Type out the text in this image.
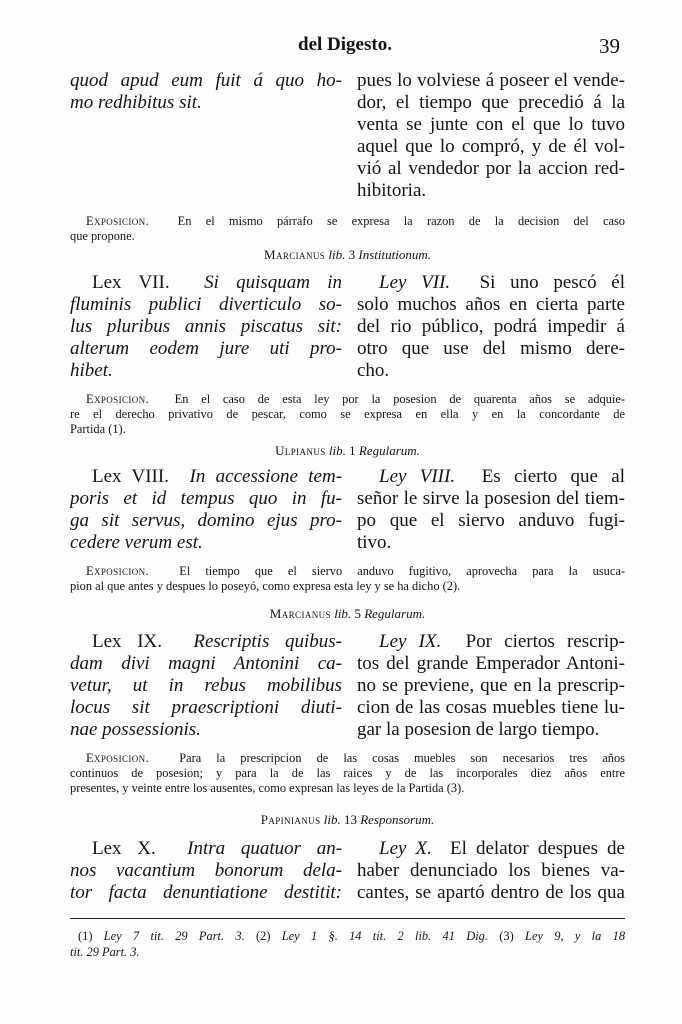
del Digesto.	39
quod apud eum fuit á quo ho-
mo redhibitus sit.
pues lo volviese á poseer el vende-
dor, el tiempo que precedió á la
venta se junte con el que lo tuvo
aquel que lo compró, y de él vol-
vió al vendedor por la accion red-
hibitoria.
Exposicion. En el mismo párrafo se expresa la razon de la decision del caso
que propone.
Marcianus lib. 3 Institutionum.
Lex VII. Si quisquam in
fluminis publici diverticulo so-
lus pluribus annis piscatus sit:
alterum eodem jure uti pro-
hibet.
Ley VII. Si uno pescó él
solo muchos años en cierta parte
del rio público, podrá impedir á
otro que use del mismo dere-
cho.
Exposicion. En el caso de esta ley por la posesion de quarenta años se adquie-
re el derecho privativo de pescar, como se expresa en ella y en la concordante de
Partida (1).
Ulpianus lib. 1 Regularum.
Lex VIII. In accessione tem-
poris et id tempus quo in fu-
ga sit servus, domino ejus pro-
cedere verum est.
Ley VIII. Es cierto que al
señor le sirve la posesion del tiem-
po que el siervo anduvo fugi-
tivo.
Exposicion. El tiempo que el siervo anduvo fugitivo, aprovecha para la usuca-
pion al que antes y despues lo poseyó, como expresa esta ley y se ha dicho (2).
Marcianus lib. 5 Regularum.
Lex IX. Rescriptis quibus-
dam divi magni Antonini ca-
vetur, ut in rebus mobilibus
locus sit praescriptioni diuti-
nae possessionis.
Ley IX. Por ciertos rescrip-
tos del grande Emperador Antoni-
no se previene, que en la prescrip-
cion de las cosas muebles tiene lu-
gar la posesion de largo tiempo.
Exposicion. Para la prescripcion de las cosas muebles son necesarios tres años
continuos de posesion; y para la de las raices y de las incorporales diez años entre
presentes, y veinte entre los ausentes, como expresan las leyes de la Partida (3).
Papinianus lib. 13 Responsorum.
Lex X. Intra quatuor an-
nos vacantium bonorum dela-
tor facta denuntiatione destitit:
Ley X. El delator despues de
haber denunciado los bienes va-
cantes, se apartó dentro de los qua
(1) Ley 7 tit. 29 Part. 3. (2) Ley 1 §. 14 tit. 2 lib. 41 Dig. (3) Ley 9, y la 18
tit. 29 Part. 3.
